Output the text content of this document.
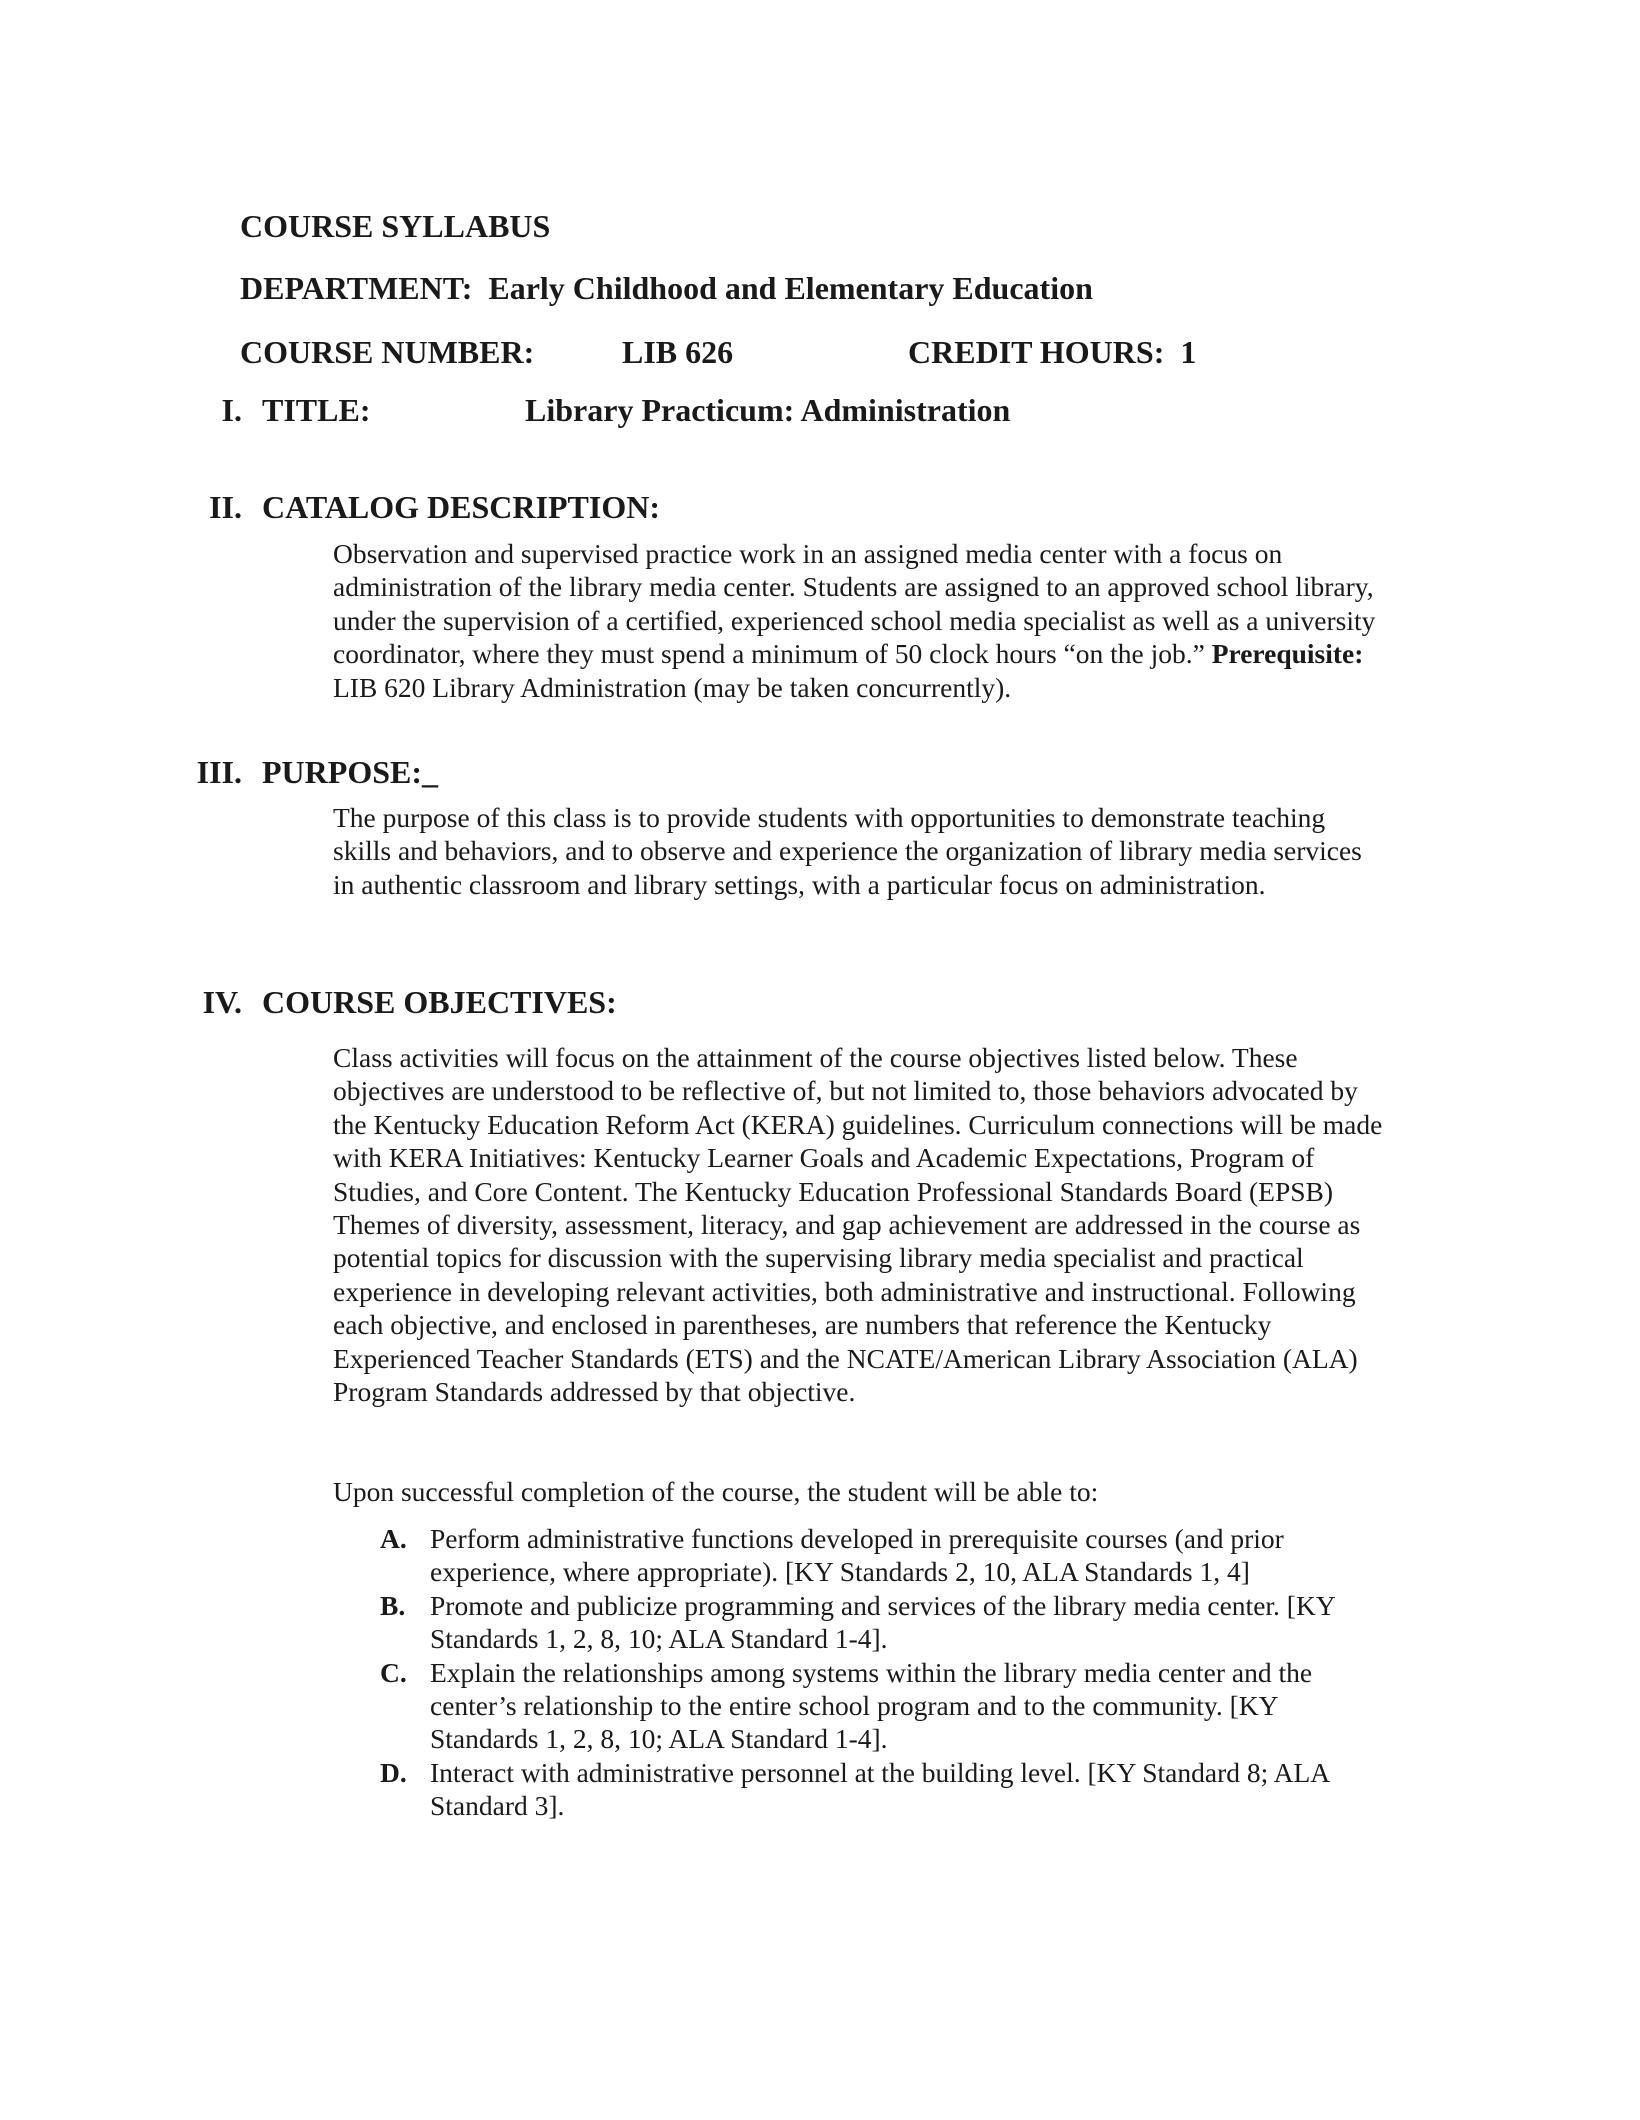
COURSE SYLLABUS
DEPARTMENT: Early Childhood and Elementary Education
COURSE NUMBER:	LIB 626	CREDIT HOURS: 1
I. TITLE:	Library Practicum: Administration
II. CATALOG DESCRIPTION:

Observation and supervised practice work in an assigned media center with a focus on administration of the library media center. Students are assigned to an approved school library, under the supervision of a certified, experienced school media specialist as well as a university coordinator, where they must spend a minimum of 50 clock hours “on the job.” Prerequisite:  LIB 620 Library Administration (may be taken concurrently).

III. PURPOSE:_

The purpose of this class is to provide students with opportunities to demonstrate teaching skills and behaviors, and to observe and experience the organization of library media services in authentic classroom and library settings, with a particular focus on administration.

IV. COURSE OBJECTIVES:

Class activities will focus on the attainment of the course objectives listed below. These objectives are understood to be reflective of, but not limited to, those behaviors advocated by the Kentucky Education Reform Act (KERA) guidelines. Curriculum connections will be made with KERA Initiatives: Kentucky Learner Goals and Academic Expectations, Program of Studies, and Core Content. The Kentucky Education Professional Standards Board (EPSB) Themes of diversity, assessment, literacy, and gap achievement are addressed in the course as potential topics for discussion with the supervising library media specialist and practical experience in developing relevant activities, both administrative and instructional. Following each objective, and enclosed in parentheses, are numbers that reference the Kentucky Experienced Teacher Standards (ETS) and the NCATE/American Library Association (ALA) Program Standards addressed by that objective.

Upon successful completion of the course, the student will be able to:

A. Perform administrative functions developed in prerequisite courses (and prior experience, where appropriate). [KY Standards 2, 10, ALA Standards 1, 4]
B. Promote and publicize programming and services of the library media center. [KY Standards 1, 2, 8, 10; ALA Standard 1-4].
C. Explain the relationships among systems within the library media center and the center’s relationship to the entire school program and to the community. [KY Standards 1, 2, 8, 10; ALA Standard 1-4].
D. Interact with administrative personnel at the building level. [KY Standard 8; ALA Standard 3].
